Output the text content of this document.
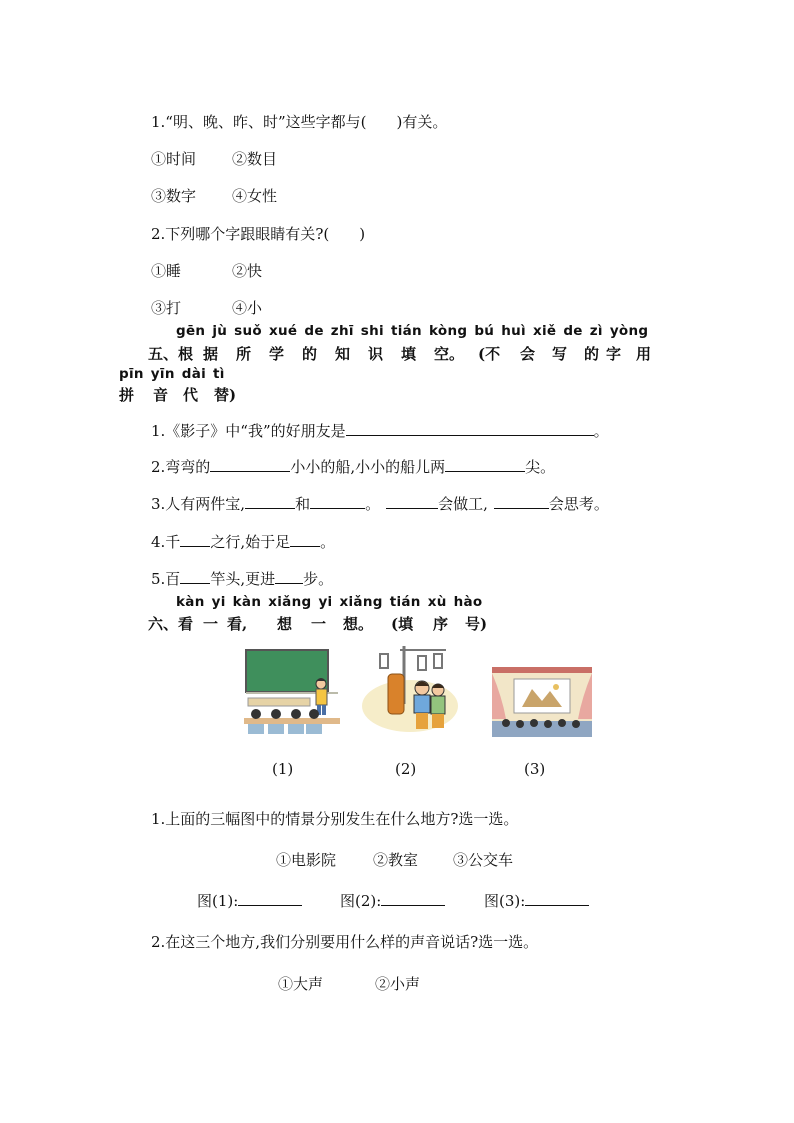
1.“明、晚、昨、时”这些字都与(　　)有关。
①时间 ②数目
③数字 ④女性
2.下列哪个字跟眼睛有关?(　　)
①睡	②快
③打	④小
gēn jù suǒ xué de zhī shi tián kòng bú huì xiě de zì yòng
五、根 据 所 学 的 知 识 填 空。 (不 会 写 的 字 用
pīn yīn dài tì
拼 音 代 替)
1.《影子》中“我”的好朋友是	。
2.弯弯的	小小的船,小小的船儿两	尖。
3.人有两件宝,	和	。	会做工,	会思考。
4.千 之行,始于足 。
5.百 竿头,更进 步。
kàn yi kàn xiǎng yi xiǎng tián xù hào
六、看 一 看, 想 一 想。 (填 序 号)
(1)	(2)	(3)
1.上面的三幅图中的情景分别发生在什么地方?选一选。
①电影院 ②教室 ③公交车
图(1):	图(2):	图(3):
2.在这三个地方,我们分别要用什么样的声音说话?选一选。
①大声	②小声
